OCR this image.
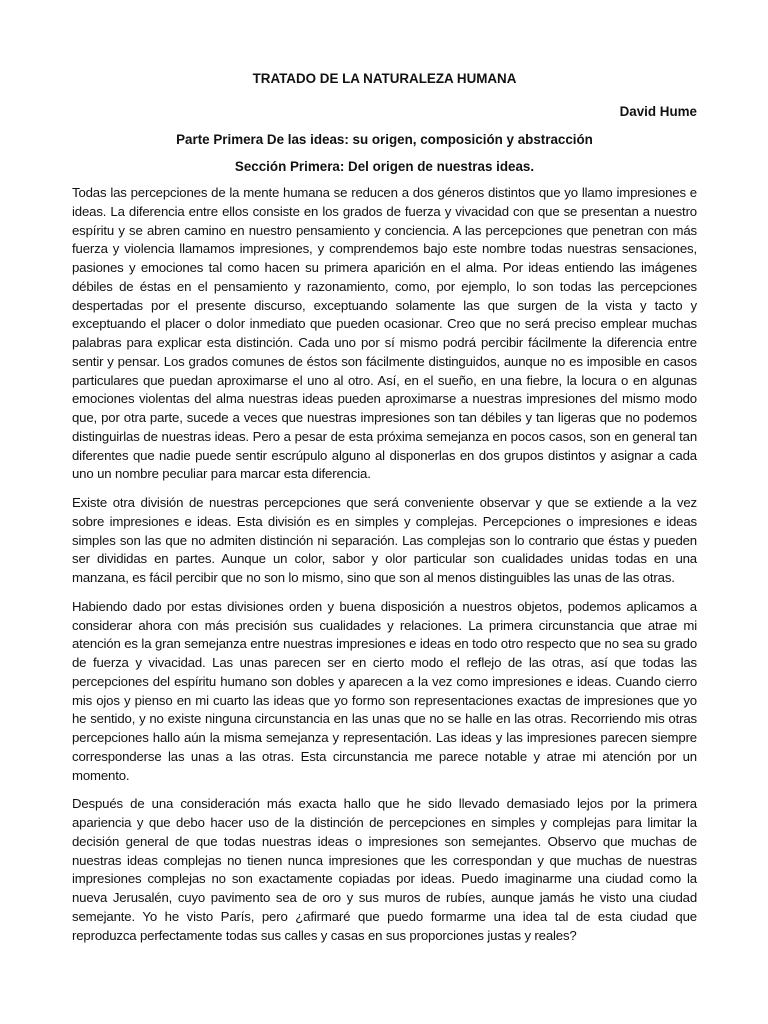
TRATADO DE LA NATURALEZA HUMANA
David Hume
Parte Primera De las ideas: su origen, composición y abstracción
Sección Primera: Del origen de nuestras ideas.

Todas las percepciones de la mente humana se reducen a dos géneros distintos que yo llamo impresiones e ideas. La diferencia entre ellos consiste en los grados de fuerza y vivacidad con que se presentan a nuestro espíritu y se abren camino en nuestro pensamiento y conciencia. A las percepciones que penetran con más fuerza y violencia llamamos impresiones, y comprendemos bajo este nombre todas nuestras sensaciones, pasiones y emociones tal como hacen su primera aparición en el alma. Por ideas entiendo las imágenes débiles de éstas en el pensamiento y razonamiento, como, por ejemplo, lo son todas las percepciones despertadas por el presente discurso, exceptuando solamente las que surgen de la vista y tacto y exceptuando el placer o dolor inmediato que pueden ocasionar. Creo que no será preciso emplear muchas palabras para explicar esta distinción. Cada uno por sí mismo podrá percibir fácilmente la diferencia entre sentir y pensar. Los grados comunes de éstos son fácilmente distinguidos, aunque no es imposible en casos particulares que puedan aproximarse el uno al otro. Así, en el sueño, en una fiebre, la locura o en algunas emociones violentas del alma nuestras ideas pueden aproximarse a nuestras impresiones del mismo modo que, por otra parte, sucede a veces que nuestras impresiones son tan débiles y tan ligeras que no podemos distinguirlas de nuestras ideas. Pero a pesar de esta próxima semejanza en pocos casos, son en general tan diferentes que nadie puede sentir escrúpulo alguno al disponerlas en dos grupos distintos y asignar a cada uno un nombre peculiar para marcar esta diferencia.

Existe otra división de nuestras percepciones que será conveniente observar y que se extiende a la vez sobre impresiones e ideas. Esta división es en simples y complejas. Percepciones o impresiones e ideas simples son las que no admiten distinción ni separación. Las complejas son lo contrario que éstas y pueden ser divididas en partes. Aunque un color, sabor y olor particular son cualidades unidas todas en una manzana, es fácil percibir que no son lo mismo, sino que son al menos distinguibles las unas de las otras.

Habiendo dado por estas divisiones orden y buena disposición a nuestros objetos, podemos aplicamos a considerar ahora con más precisión sus cualidades y relaciones. La primera circunstancia que atrae mi atención es la gran semejanza entre nuestras impresiones e ideas en todo otro respecto que no sea su grado de fuerza y vivacidad. Las unas parecen ser en cierto modo el reflejo de las otras, así que todas las percepciones del espíritu humano son dobles y aparecen a la vez como impresiones e ideas. Cuando cierro mis ojos y pienso en mi cuarto las ideas que yo formo son representaciones exactas de impresiones que yo he sentido, y no existe ninguna circunstancia en las unas que no se halle en las otras. Recorriendo mis otras percepciones hallo aún la misma semejanza y representación. Las ideas y las impresiones parecen siempre corresponderse las unas a las otras. Esta circunstancia me parece notable y atrae mi atención por un momento.

Después de una consideración más exacta hallo que he sido llevado demasiado lejos por la primera apariencia y que debo hacer uso de la distinción de percepciones en simples y complejas para limitar la decisión general de que todas nuestras ideas o impresiones son semejantes. Observo que muchas de nuestras ideas complejas no tienen nunca impresiones que les correspondan y que muchas de nuestras impresiones complejas no son exactamente copiadas por ideas. Puedo imaginarme una ciudad como la nueva Jerusalén, cuyo pavimento sea de oro y sus muros de rubíes, aunque jamás he visto una ciudad semejante. Yo he visto París, pero ¿afirmaré que puedo formarme una idea tal de esta ciudad que reproduzca perfectamente todas sus calles y casas en sus proporciones justas y reales?
